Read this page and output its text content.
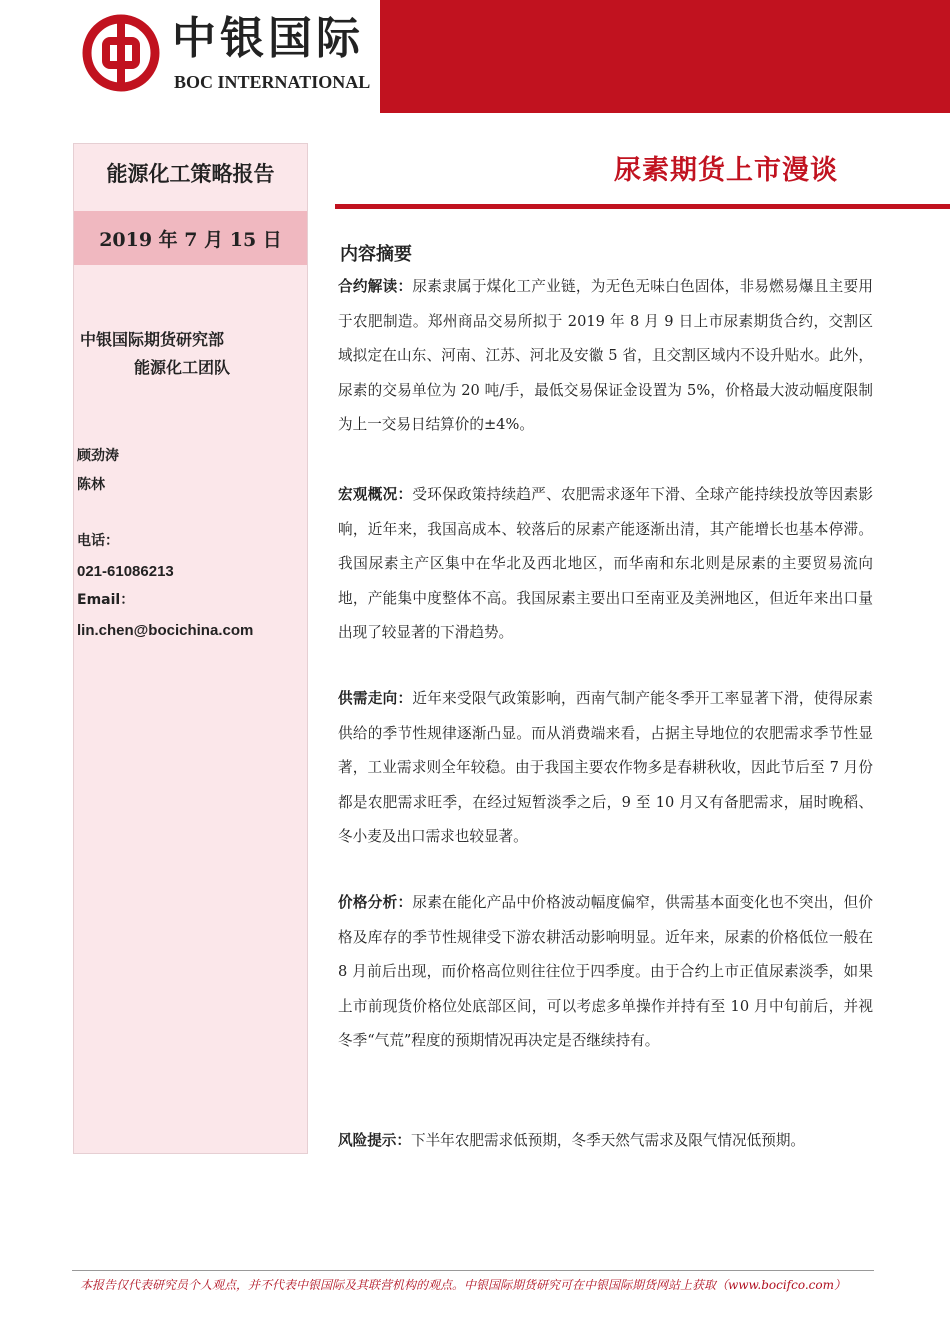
中银国际
BOC INTERNATIONAL
能源化工策略报告
2019 年 7 月 15 日
中银国际期货研究部
能源化工团队
顾劲涛
陈林
电话：
021-61086213
Email：
lin.chen@bocichina.com
尿素期货上市漫谈
内容摘要
合约解读：尿素隶属于煤化工产业链，为无色无味白色固体，非易燃易爆且主要用于农肥制造。郑州商品交易所拟于 2019 年 8 月 9 日上市尿素期货合约，交割区域拟定在山东、河南、江苏、河北及安徽 5 省，且交割区域内不设升贴水。此外，尿素的交易单位为 20 吨/手，最低交易保证金设置为 5%，价格最大波动幅度限制为上一交易日结算价的±4%。
宏观概况：受环保政策持续趋严、农肥需求逐年下滑、全球产能持续投放等因素影响，近年来，我国高成本、较落后的尿素产能逐渐出清，其产能增长也基本停滞。我国尿素主产区集中在华北及西北地区，而华南和东北则是尿素的主要贸易流向地，产能集中度整体不高。我国尿素主要出口至南亚及美洲地区，但近年来出口量出现了较显著的下滑趋势。
供需走向：近年来受限气政策影响，西南气制产能冬季开工率显著下滑，使得尿素供给的季节性规律逐渐凸显。而从消费端来看，占据主导地位的农肥需求季节性显著，工业需求则全年较稳。由于我国主要农作物多是春耕秋收，因此节后至 7 月份都是农肥需求旺季，在经过短暂淡季之后，9 至 10 月又有备肥需求，届时晚稻、冬小麦及出口需求也较显著。
价格分析：尿素在能化产品中价格波动幅度偏窄，供需基本面变化也不突出，但价格及库存的季节性规律受下游农耕活动影响明显。近年来，尿素的价格低位一般在 8 月前后出现，而价格高位则往往位于四季度。由于合约上市正值尿素淡季，如果上市前现货价格位处底部区间，可以考虑多单操作并持有至 10 月中旬前后，并视冬季“气荒”程度的预期情况再决定是否继续持有。
风险提示：下半年农肥需求低预期，冬季天然气需求及限气情况低预期。
本报告仅代表研究员个人观点，并不代表中银国际及其联营机构的观点。中银国际期货研究可在中银国际期货网站上获取（www.bocifco.com）
